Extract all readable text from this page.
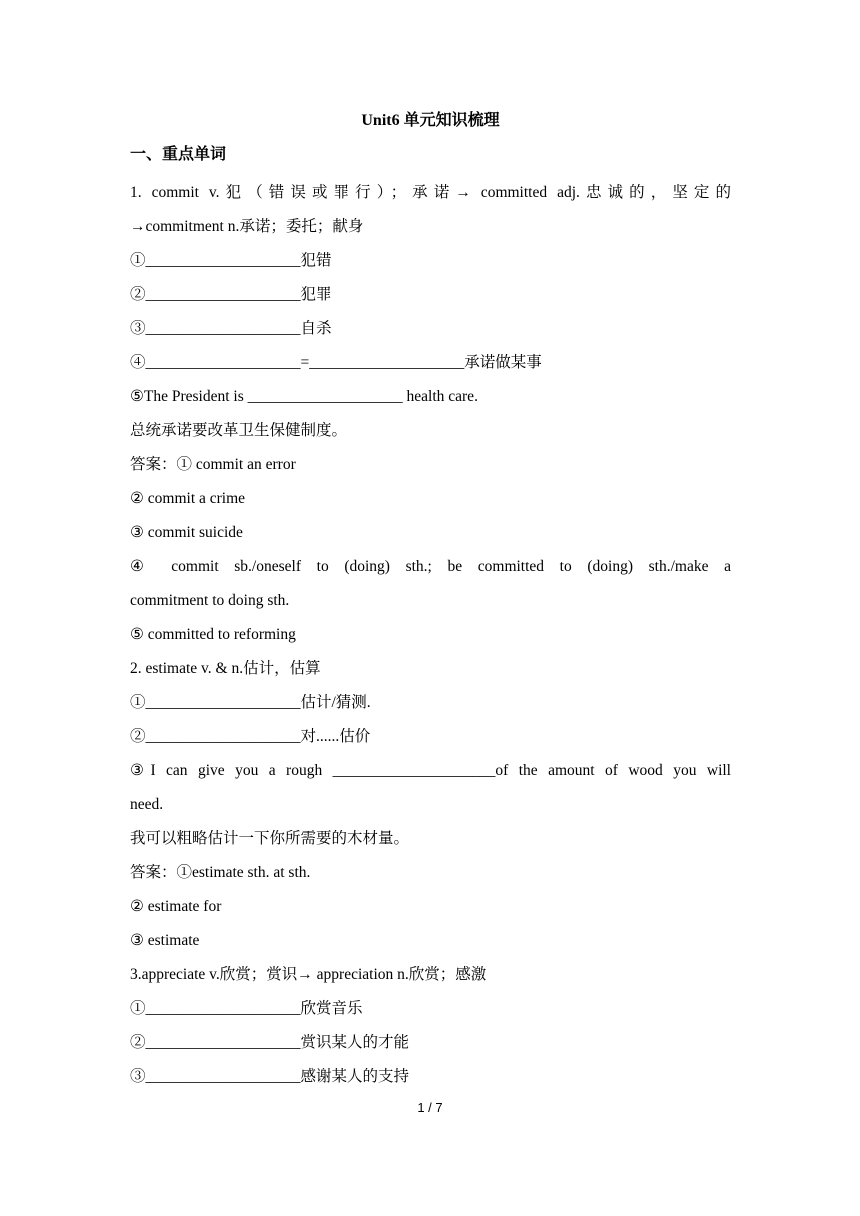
Unit6 单元知识梳理
一、重点单词
1. commit v.犯（错误或罪行）；承诺→ committed adj.忠诚的，坚定的
→commitment n.承诺；委托；献身
①____________________犯错
②____________________犯罪
③____________________自杀
④____________________=____________________承诺做某事
⑤The President is ____________________ health care.
总统承诺要改革卫生保健制度。
答案：① commit an error
② commit a crime
③ commit suicide
④ commit sb./oneself to (doing) sth.; be committed to (doing) sth./make a
commitment to doing sth.
⑤ committed to reforming
2. estimate v. & n.估计，估算
①____________________估计/猜测.
②____________________对......估价
③I can give you a rough _____________________of the amount of wood you will
need.
我可以粗略估计一下你所需要的木材量。
答案：①estimate sth. at sth.
② estimate for
③ estimate
3.appreciate v.欣赏；赏识→ appreciation n.欣赏；感激
①____________________欣赏音乐
②____________________赏识某人的才能
③____________________感谢某人的支持
1 / 7
